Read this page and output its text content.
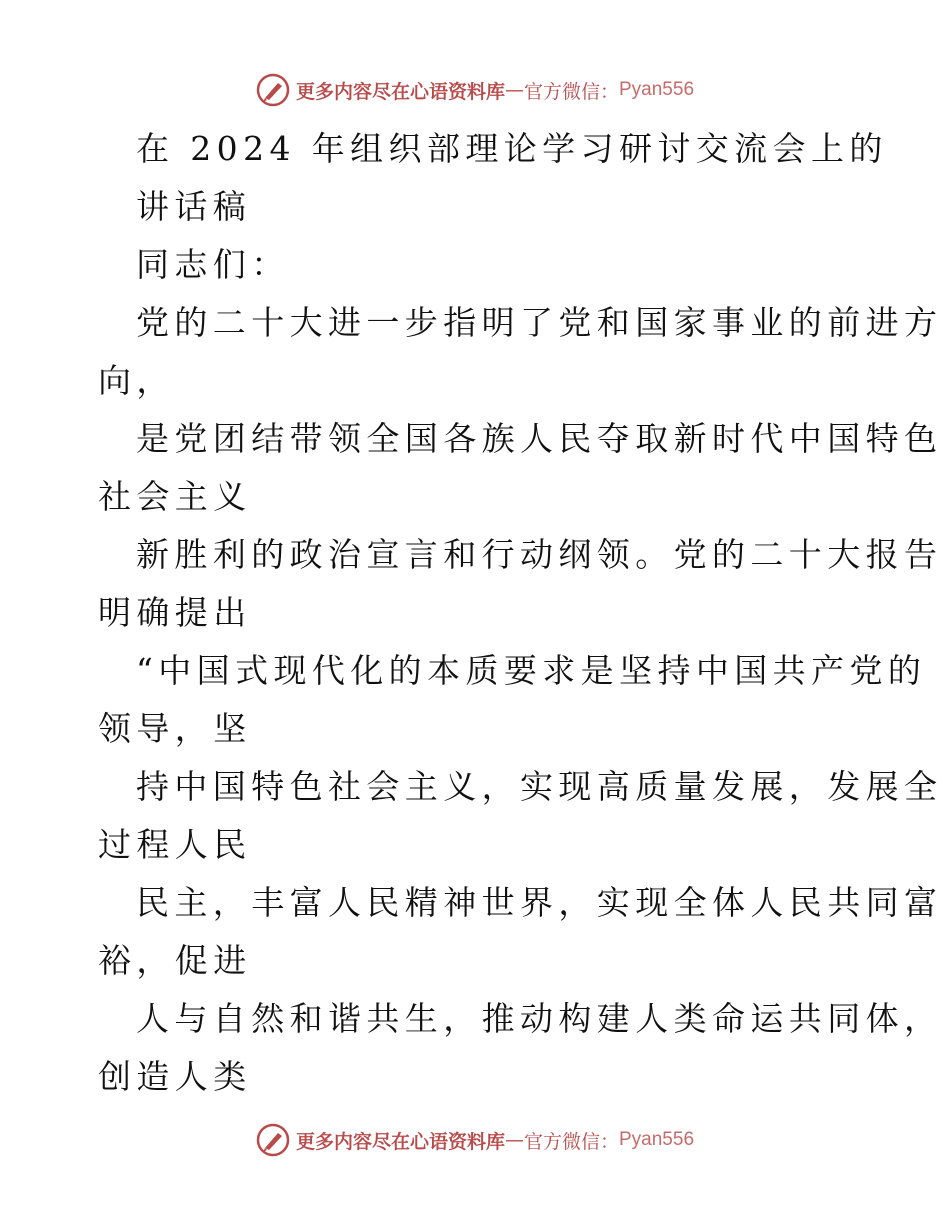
更多内容尽在心语资料库 — 官方微信： Pyan556
在 2024 年组织部理论学习研讨交流会上的
讲话稿
同志们：
党的二十大进一步指明了党和国家事业的前进方
向，
是党团结带领全国各族人民夺取新时代中国特色
社会主义
新胜利的政治宣言和行动纲领。党的二十大报告
明确提出
“中国式现代化的本质要求是坚持中国共产党的
领导，坚
持中国特色社会主义，实现高质量发展，发展全
过程人民
民主，丰富人民精神世界，实现全体人民共同富
裕，促进
人与自然和谐共生，推动构建人类命运共同体，
创造人类
更多内容尽在心语资料库 — 官方微信： Pyan556
